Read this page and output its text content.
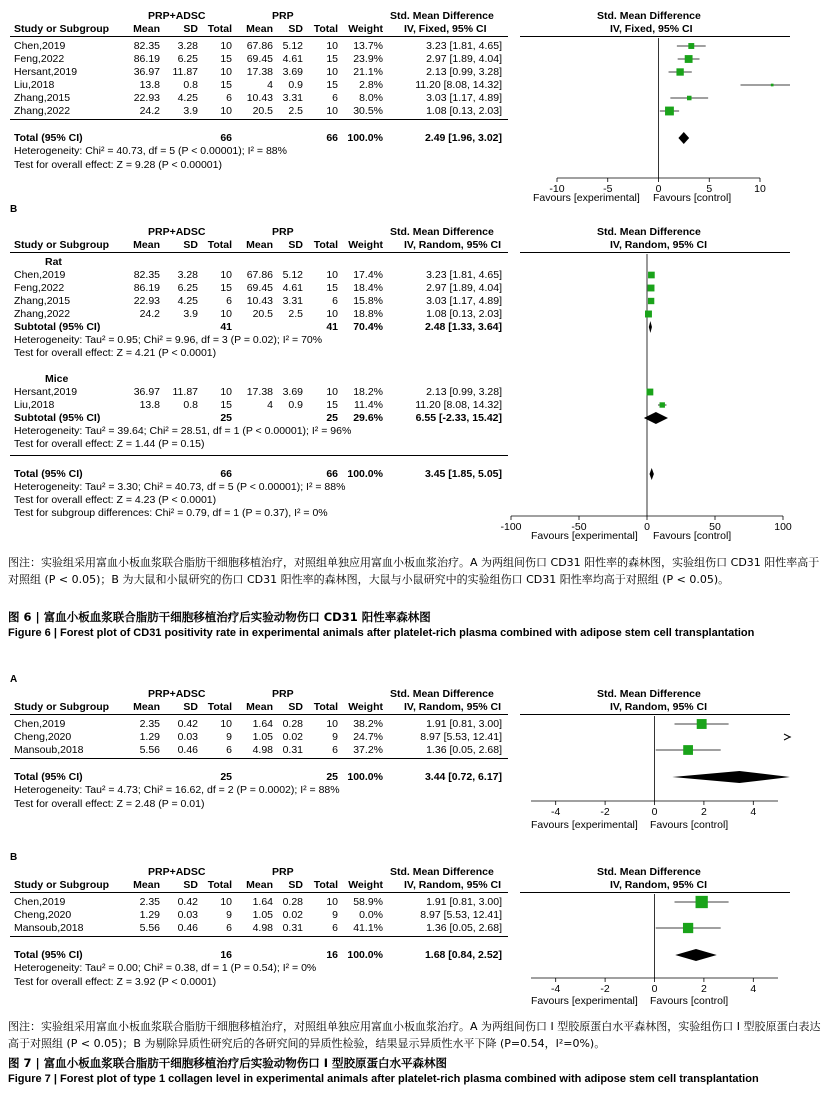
PRP+ADSC	PRP	Std. Mean Difference	Std. Mean Difference
Study or Subgroup Mean SD Total Mean SD Total Weight IV, Fixed, 95% CI	IV, Fixed, 95% CI
-10	-5	0	5	10
Chen,2019	82.35 3.28 10 67.86 5.12 10 13.7%	3.23 [1.81, 4.65]
Feng,2022	86.19 6.25 15 69.45 4.61 15 23.9%	2.97 [1.89, 4.04]
Hersant,2019	36.97 11.87 10 17.38 3.69 10 21.1%	2.13 [0.99, 3.28]
Liu,2018	13.8 0.8 15	4 0.9 15 2.8%	11.20 [8.08, 14.32]
Zhang,2015	22.93 4.25	6 10.43 3.31	6 8.0%	3.03 [1.17, 4.89]
Zhang,2022	24.2 3.9 10 20.5 2.5 10 30.5%	1.08 [0.13, 2.03]
Total (95% CI)	66	66 100.0%	2.49 [1.96, 3.02]
Heterogeneity: Chi² = 40.73, df = 5 (P < 0.00001); I² = 88%
Test for overall effect: Z = 9.28 (P < 0.00001)
Favours [experimental] Favours [control]
B
PRP+ADSC	PRP	Std. Mean Difference	Std. Mean Difference
Study or Subgroup Mean SD Total Mean SD Total Weight IV, Random, 95% CI	IV, Random, 95% CI
-100	-50	0	50	100
Rat
Chen,2019	82.35 3.28 10 67.86 5.12 10 17.4%	3.23 [1.81, 4.65]
Feng,2022	86.19 6.25 15 69.45 4.61 15 18.4%	2.97 [1.89, 4.04]
Zhang,2015	22.93 4.25	6 10.43 3.31	6 15.8%	3.03 [1.17, 4.89]
Zhang,2022	24.2 3.9 10 20.5 2.5 10 18.8%	1.08 [0.13, 2.03]
Subtotal (95% CI)	41	41 70.4%	2.48 [1.33, 3.64]
Heterogeneity: Tau² = 0.95; Chi² = 9.96, df = 3 (P = 0.02); I² = 70%
Test for overall effect: Z = 4.21 (P < 0.0001)
Mice
Hersant,2019	36.97 11.87 10 17.38 3.69 10 18.2%	2.13 [0.99, 3.28]
Liu,2018	13.8 0.8 15	4 0.9 15 11.4%	11.20 [8.08, 14.32]
Subtotal (95% CI)	25	25 29.6%	6.55 [-2.33, 15.42]
Heterogeneity: Tau² = 39.64; Chi² = 28.51, df = 1 (P < 0.00001); I² = 96%
Test for overall effect: Z = 1.44 (P = 0.15)
Total (95% CI)	66	66 100.0%	3.45 [1.85, 5.05]
Heterogeneity: Tau² = 3.30; Chi² = 40.73, df = 5 (P < 0.00001); I² = 88%
Test for overall effect: Z = 4.23 (P < 0.0001)
Test for subgroup differences: Chi² = 0.79, df = 1 (P = 0.37), I² = 0%
Favours [experimental] Favours [control]
图注：实验组采用富血小板血浆联合脂肪干细胞移植治疗，对照组单独应用富血小板血浆治疗。A 为两组间伤口 CD31 阳性率的森林图，实验组伤口 CD31 阳性率高于对照组 (P < 0.05)；B 为大鼠和小鼠研究的伤口 CD31 阳性率的森林图，大鼠与小鼠研究中的实验组伤口 CD31 阳性率均高于对照组 (P < 0.05)。
图 6 | 富血小板血浆联合脂肪干细胞移植治疗后实验动物伤口 CD31 阳性率森林图
Figure 6 | Forest plot of CD31 positivity rate in experimental animals after platelet-rich plasma combined with adipose stem cell transplantation
A
PRP+ADSC	PRP	Std. Mean Difference	Std. Mean Difference
Study or Subgroup Mean SD Total Mean SD Total Weight IV, Random, 95% CI	IV, Random, 95% CI
-4	-2	0	2	4
Chen,2019	2.35 0.42 10 1.64 0.28 10 38.2%	1.91 [0.81, 3.00]
Cheng,2020	1.29 0.03	9 1.05 0.02	9 24.7%	8.97 [5.53, 12.41]
Mansoub,2018	5.56 0.46	6 4.98 0.31	6 37.2%	1.36 [0.05, 2.68]
Total (95% CI)	25	25 100.0%	3.44 [0.72, 6.17]
Heterogeneity: Tau² = 4.73; Chi² = 16.62, df = 2 (P = 0.0002); I² = 88%
Test for overall effect: Z = 2.48 (P = 0.01)
Favours [experimental] Favours [control]
B
PRP+ADSC	PRP	Std. Mean Difference	Std. Mean Difference
Study or Subgroup Mean SD Total Mean SD Total Weight IV, Random, 95% CI	IV, Random, 95% CI
-4	-2	0	2	4
Chen,2019	2.35 0.42 10 1.64 0.28 10 58.9%	1.91 [0.81, 3.00]
Cheng,2020	1.29 0.03	9 1.05 0.02	9 0.0%	8.97 [5.53, 12.41]
Mansoub,2018	5.56 0.46	6 4.98 0.31	6 41.1%	1.36 [0.05, 2.68]
Total (95% CI)	16	16 100.0%	1.68 [0.84, 2.52]
Heterogeneity: Tau² = 0.00; Chi² = 0.38, df = 1 (P = 0.54); I² = 0%
Test for overall effect: Z = 3.92 (P < 0.0001)
Favours [experimental] Favours [control]
图注：实验组采用富血小板血浆联合脂肪干细胞移植治疗，对照组单独应用富血小板血浆治疗。A 为两组间伤口 I 型胶原蛋白水平森林图，实验组伤口 I 型胶原蛋白表达高于对照组 (P < 0.05)；B 为剔除异质性研究后的各研究间的异质性检验，结果显示异质性水平下降 (P=0.54，I²=0%)。
图 7 | 富血小板血浆联合脂肪干细胞移植治疗后实验动物伤口 I 型胶原蛋白水平森林图
Figure 7 | Forest plot of type 1 collagen level in experimental animals after platelet-rich plasma combined with adipose stem cell transplantation
